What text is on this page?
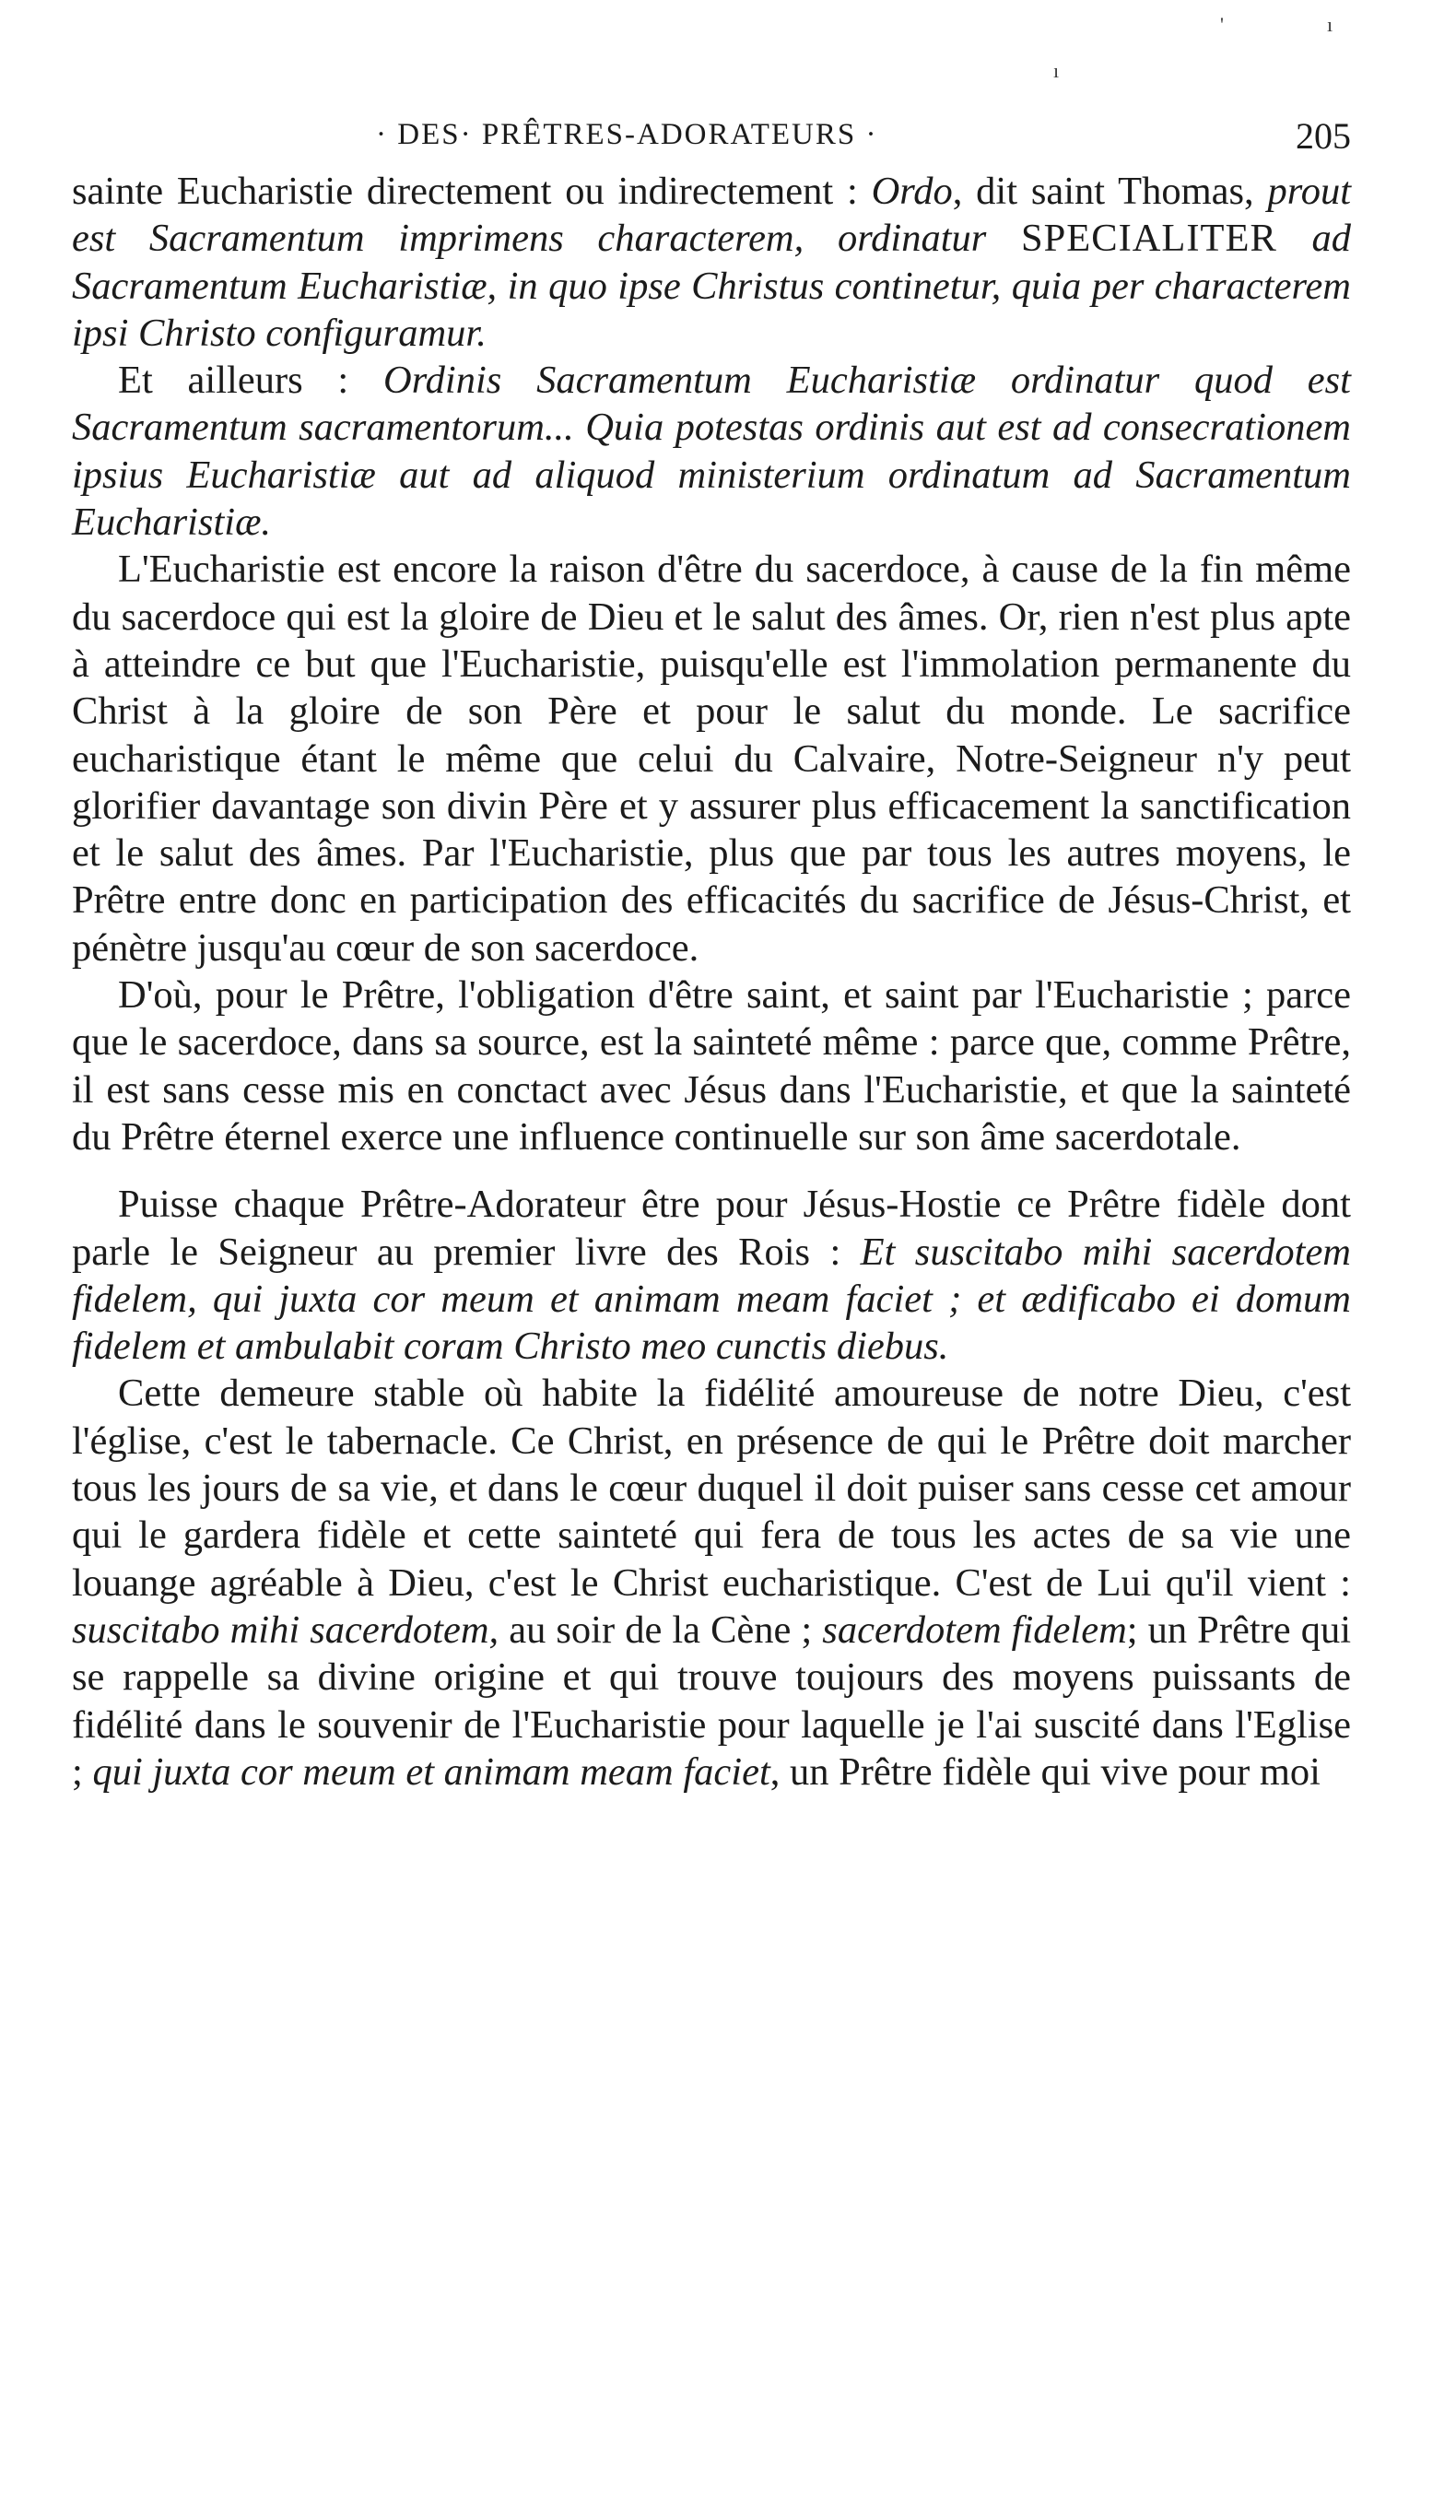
'	ı
ı
· DES· PRÊTRES-ADORATEURS ·	205

sainte Eucharistie directement ou indirectement : Ordo, dit saint Thomas, prout est Sacramentum imprimens characterem, ordinatur SPECIALITER ad Sacramentum Eucharistiæ, in quo ipse Christus continetur, quia per characterem ipsi Christo configuramur.

Et ailleurs : Ordinis Sacramentum Eucharistiæ ordinatur quod est Sacramentum sacramentorum... Quia potestas ordinis aut est ad consecrationem ipsius Eucharistiæ aut ad aliquod ministerium ordinatum ad Sacramentum Eucharistiæ.

L'Eucharistie est encore la raison d'être du sacerdoce, à cause de la fin même du sacerdoce qui est la gloire de Dieu et le salut des âmes. Or, rien n'est plus apte à atteindre ce but que l'Eucharistie, puisqu'elle est l'immolation permanente du Christ à la gloire de son Père et pour le salut du monde. Le sacrifice eucharistique étant le même que celui du Calvaire, Notre-Seigneur n'y peut glorifier davantage son divin Père et y assurer plus efficacement la sanctification et le salut des âmes. Par l'Eucharistie, plus que par tous les autres moyens, le Prêtre entre donc en participation des efficacités du sacrifice de Jésus-Christ, et pénètre jusqu'au cœur de son sacerdoce.

D'où, pour le Prêtre, l'obligation d'être saint, et saint par l'Eucharistie ; parce que le sacerdoce, dans sa source, est la sainteté même : parce que, comme Prêtre, il est sans cesse mis en conctact avec Jésus dans l'Eucharistie, et que la sainteté du Prêtre éternel exerce une influence continuelle sur son âme sacerdotale.

Puisse chaque Prêtre-Adorateur être pour Jésus-Hostie ce Prêtre fidèle dont parle le Seigneur au premier livre des Rois : Et suscitabo mihi sacerdotem fidelem, qui juxta cor meum et animam meam faciet ; et ædificabo ei domum fidelem et ambulabit coram Christo meo cunctis diebus.

Cette demeure stable où habite la fidélité amoureuse de notre Dieu, c'est l'église, c'est le tabernacle. Ce Christ, en présence de qui le Prêtre doit marcher tous les jours de sa vie, et dans le cœur duquel il doit puiser sans cesse cet amour qui le gardera fidèle et cette sainteté qui fera de tous les actes de sa vie une louange agréable à Dieu, c'est le Christ eucharistique. C'est de Lui qu'il vient : suscitabo mihi sacerdotem, au soir de la Cène ; sacerdotem fidelem; un Prêtre qui se rappelle sa divine origine et qui trouve toujours des moyens puissants de fidélité dans le souvenir de l'Eucharistie pour laquelle je l'ai suscité dans l'Eglise ; qui juxta cor meum et animam meam faciet, un Prêtre fidèle qui vive pour moi
